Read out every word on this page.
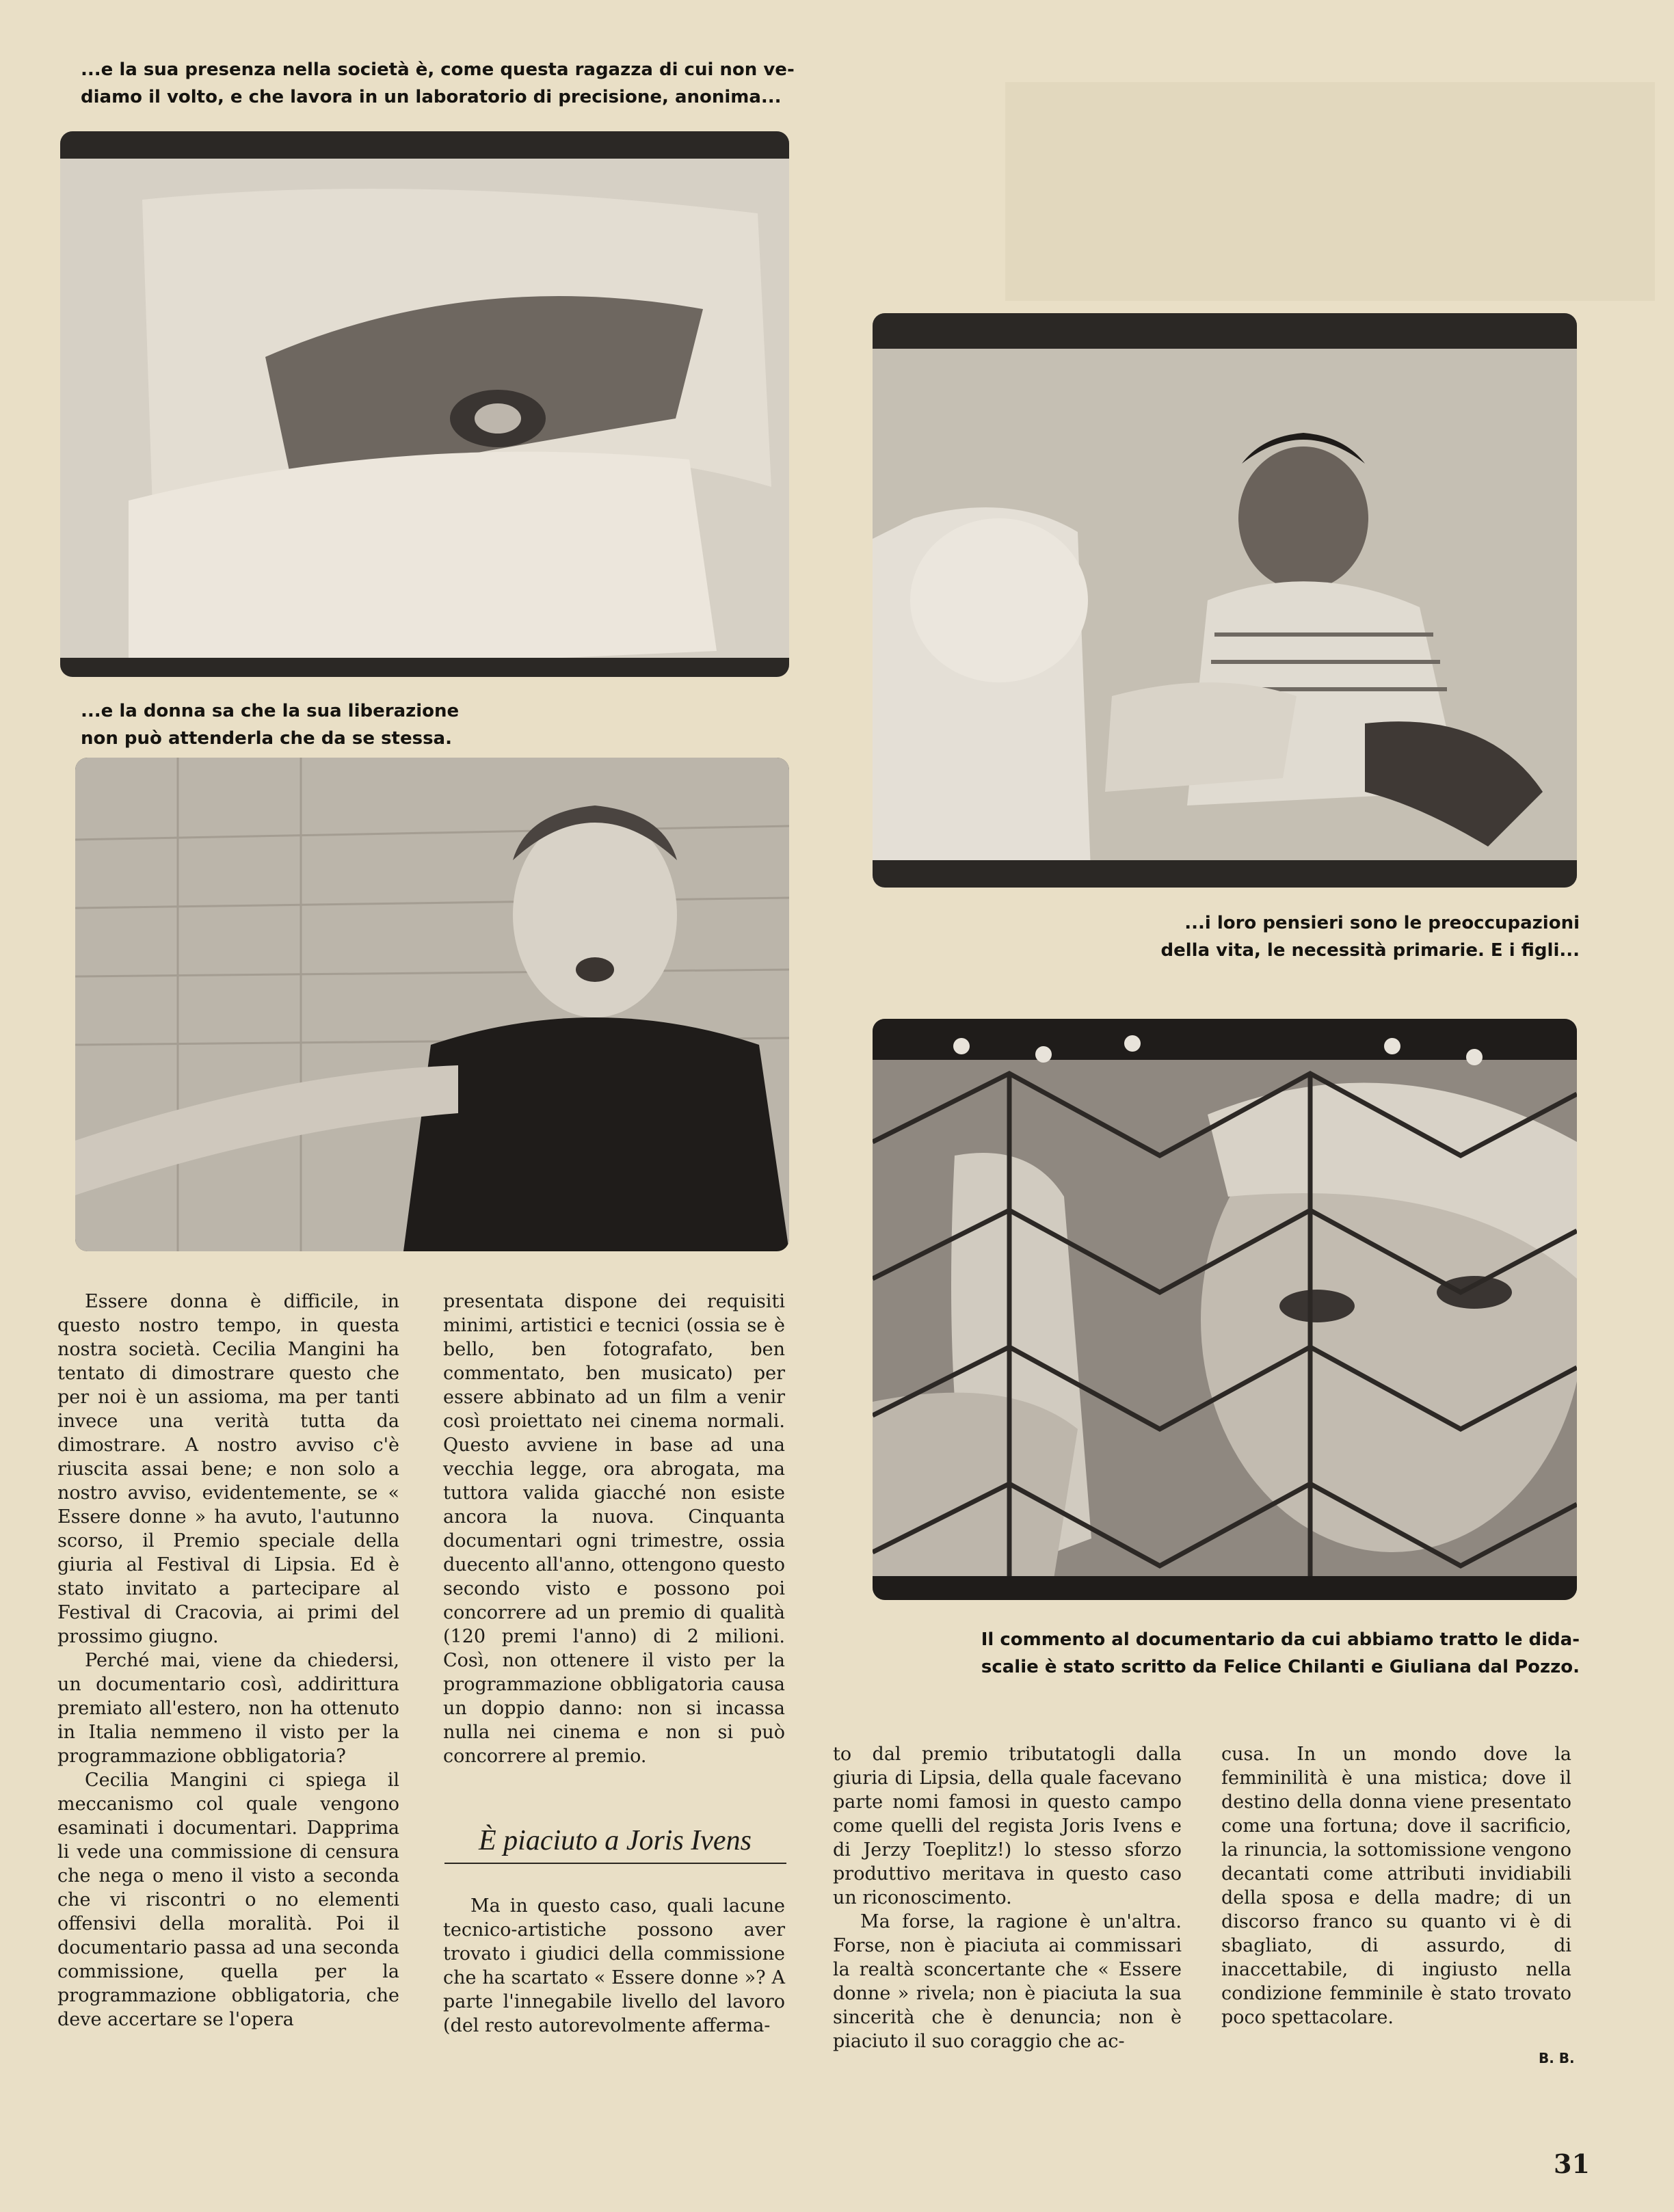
...e la sua presenza nella società è, come questa ragazza di cui non ve-
diamo il volto, e che lavora in un laboratorio di precisione, anonima...
...e la donna sa che la sua liberazione
non può attenderla che da se stessa.
...i loro pensieri sono le preoccupazioni
della vita, le necessità primarie. E i figli...
Il commento al documentario da cui abbiamo tratto le dida-
scalie è stato scritto da Felice Chilanti e Giuliana dal Pozzo.

Essere donna è difficile, in questo nostro tempo, in questa nostra società. Cecilia Mangini ha tentato di dimostrare questo che per noi è un assioma, ma per tanti invece una verità tutta da dimostrare. A nostro avviso c'è riuscita assai bene; e non solo a nostro avviso, evidentemente, se « Essere donne » ha avuto, l'autunno scorso, il Premio speciale della giuria al Festival di Lipsia. Ed è stato invitato a partecipare al Festival di Cracovia, ai primi del prossimo giugno.

Perché mai, viene da chiedersi, un documentario così, addirittura premiato all'estero, non ha ottenuto in Italia nemmeno il visto per la programmazione obbligatoria?

Cecilia Mangini ci spiega il meccanismo col quale vengono esaminati i documentari. Dapprima li vede una commissione di censura che nega o meno il visto a seconda che vi riscontri o no elementi offensivi della moralità. Poi il documentario passa ad una seconda commissione, quella per la programmazione obbligatoria, che deve accertare se l'opera

presentata dispone dei requisiti minimi, artistici e tecnici (ossia se è bello, ben fotografato, ben commentato, ben musicato) per essere abbinato ad un film a venir così proiettato nei cinema normali. Questo avviene in base ad una vecchia legge, ora abrogata, ma tuttora valida giacché non esiste ancora la nuova. Cinquanta documentari ogni trimestre, ossia duecento all'anno, ottengono questo secondo visto e possono poi concorrere ad un premio di qualità (120 premi l'anno) di 2 milioni. Così, non ottenere il visto per la programmazione obbligatoria causa un doppio danno: non si incassa nulla nei cinema e non si può concorrere al premio.

È piaciuto a Joris Ivens

Ma in questo caso, quali lacune tecnico-artistiche possono aver trovato i giudici della commissione che ha scartato « Essere donne »? A parte l'innegabile livello del lavoro (del resto autorevolmente afferma-

to dal premio tributatogli dalla giuria di Lipsia, della quale facevano parte nomi famosi in questo campo come quelli del regista Joris Ivens e di Jerzy Toeplitz!) lo stesso sforzo produttivo meritava in questo caso un riconoscimento.

Ma forse, la ragione è un'altra. Forse, non è piaciuta ai commissari la realtà sconcertante che « Essere donne » rivela; non è piaciuta la sua sincerità che è denuncia; non è piaciuto il suo coraggio che ac-

cusa. In un mondo dove la femminilità è una mistica; dove il destino della donna viene presentato come una fortuna; dove il sacrificio, la rinuncia, la sottomissione vengono decantati come attributi invidiabili della sposa e della madre; di un discorso franco su quanto vi è di sbagliato, di assurdo, di inaccettabile, di ingiusto nella condizione femminile è stato trovato poco spettacolare.

B. B.
31
